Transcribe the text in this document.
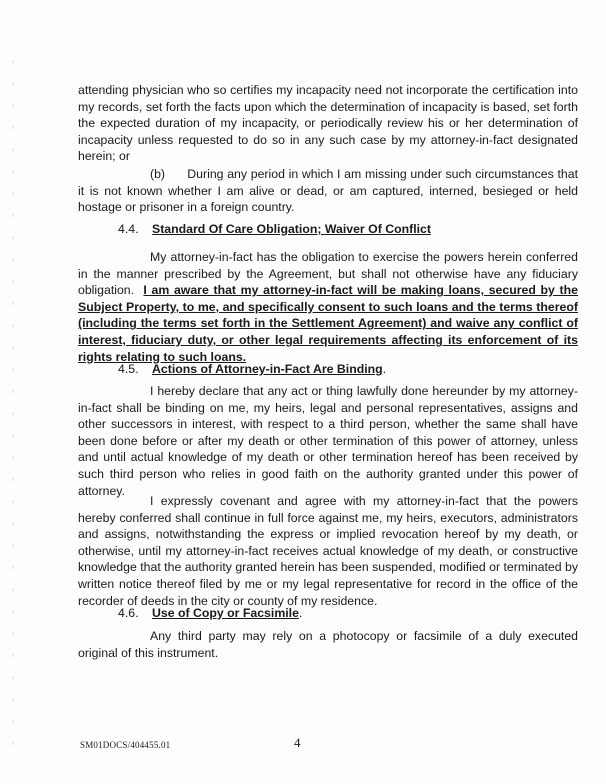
attending physician who so certifies my incapacity need not incorporate the certification into my records, set forth the facts upon which the determination of incapacity is based, set forth the expected duration of my incapacity, or periodically review his or her determination of incapacity unless requested to do so in any such case by my attorney-in-fact designated herein; or

(b) During any period in which I am missing under such circumstances that it is not known whether I am alive or dead, or am captured, interned, besieged or held hostage or prisoner in a foreign country.

4.4. Standard Of Care Obligation; Waiver Of Conflict

My attorney-in-fact has the obligation to exercise the powers herein conferred in the manner prescribed by the Agreement, but shall not otherwise have any fiduciary obligation. I am aware that my attorney-in-fact will be making loans, secured by the Subject Property, to me, and specifically consent to such loans and the terms thereof (including the terms set forth in the Settlement Agreement) and waive any conflict of interest, fiduciary duty, or other legal requirements affecting its enforcement of its rights relating to such loans.

4.5. Actions of Attorney-in-Fact Are Binding.

I hereby declare that any act or thing lawfully done hereunder by my attorney-in-fact shall be binding on me, my heirs, legal and personal representatives, assigns and other successors in interest, with respect to a third person, whether the same shall have been done before or after my death or other termination of this power of attorney, unless and until actual knowledge of my death or other termination hereof has been received by such third person who relies in good faith on the authority granted under this power of attorney.

I expressly covenant and agree with my attorney-in-fact that the powers hereby conferred shall continue in full force against me, my heirs, executors, administrators and assigns, notwithstanding the express or implied revocation hereof by my death, or otherwise, until my attorney-in-fact receives actual knowledge of my death, or constructive knowledge that the authority granted herein has been suspended, modified or terminated by written notice thereof filed by me or my legal representative for record in the office of the recorder of deeds in the city or county of my residence.

4.6. Use of Copy or Facsimile.

Any third party may rely on a photocopy or facsimile of a duly executed original of this instrument.

SM01DOCS/404455.01	4
